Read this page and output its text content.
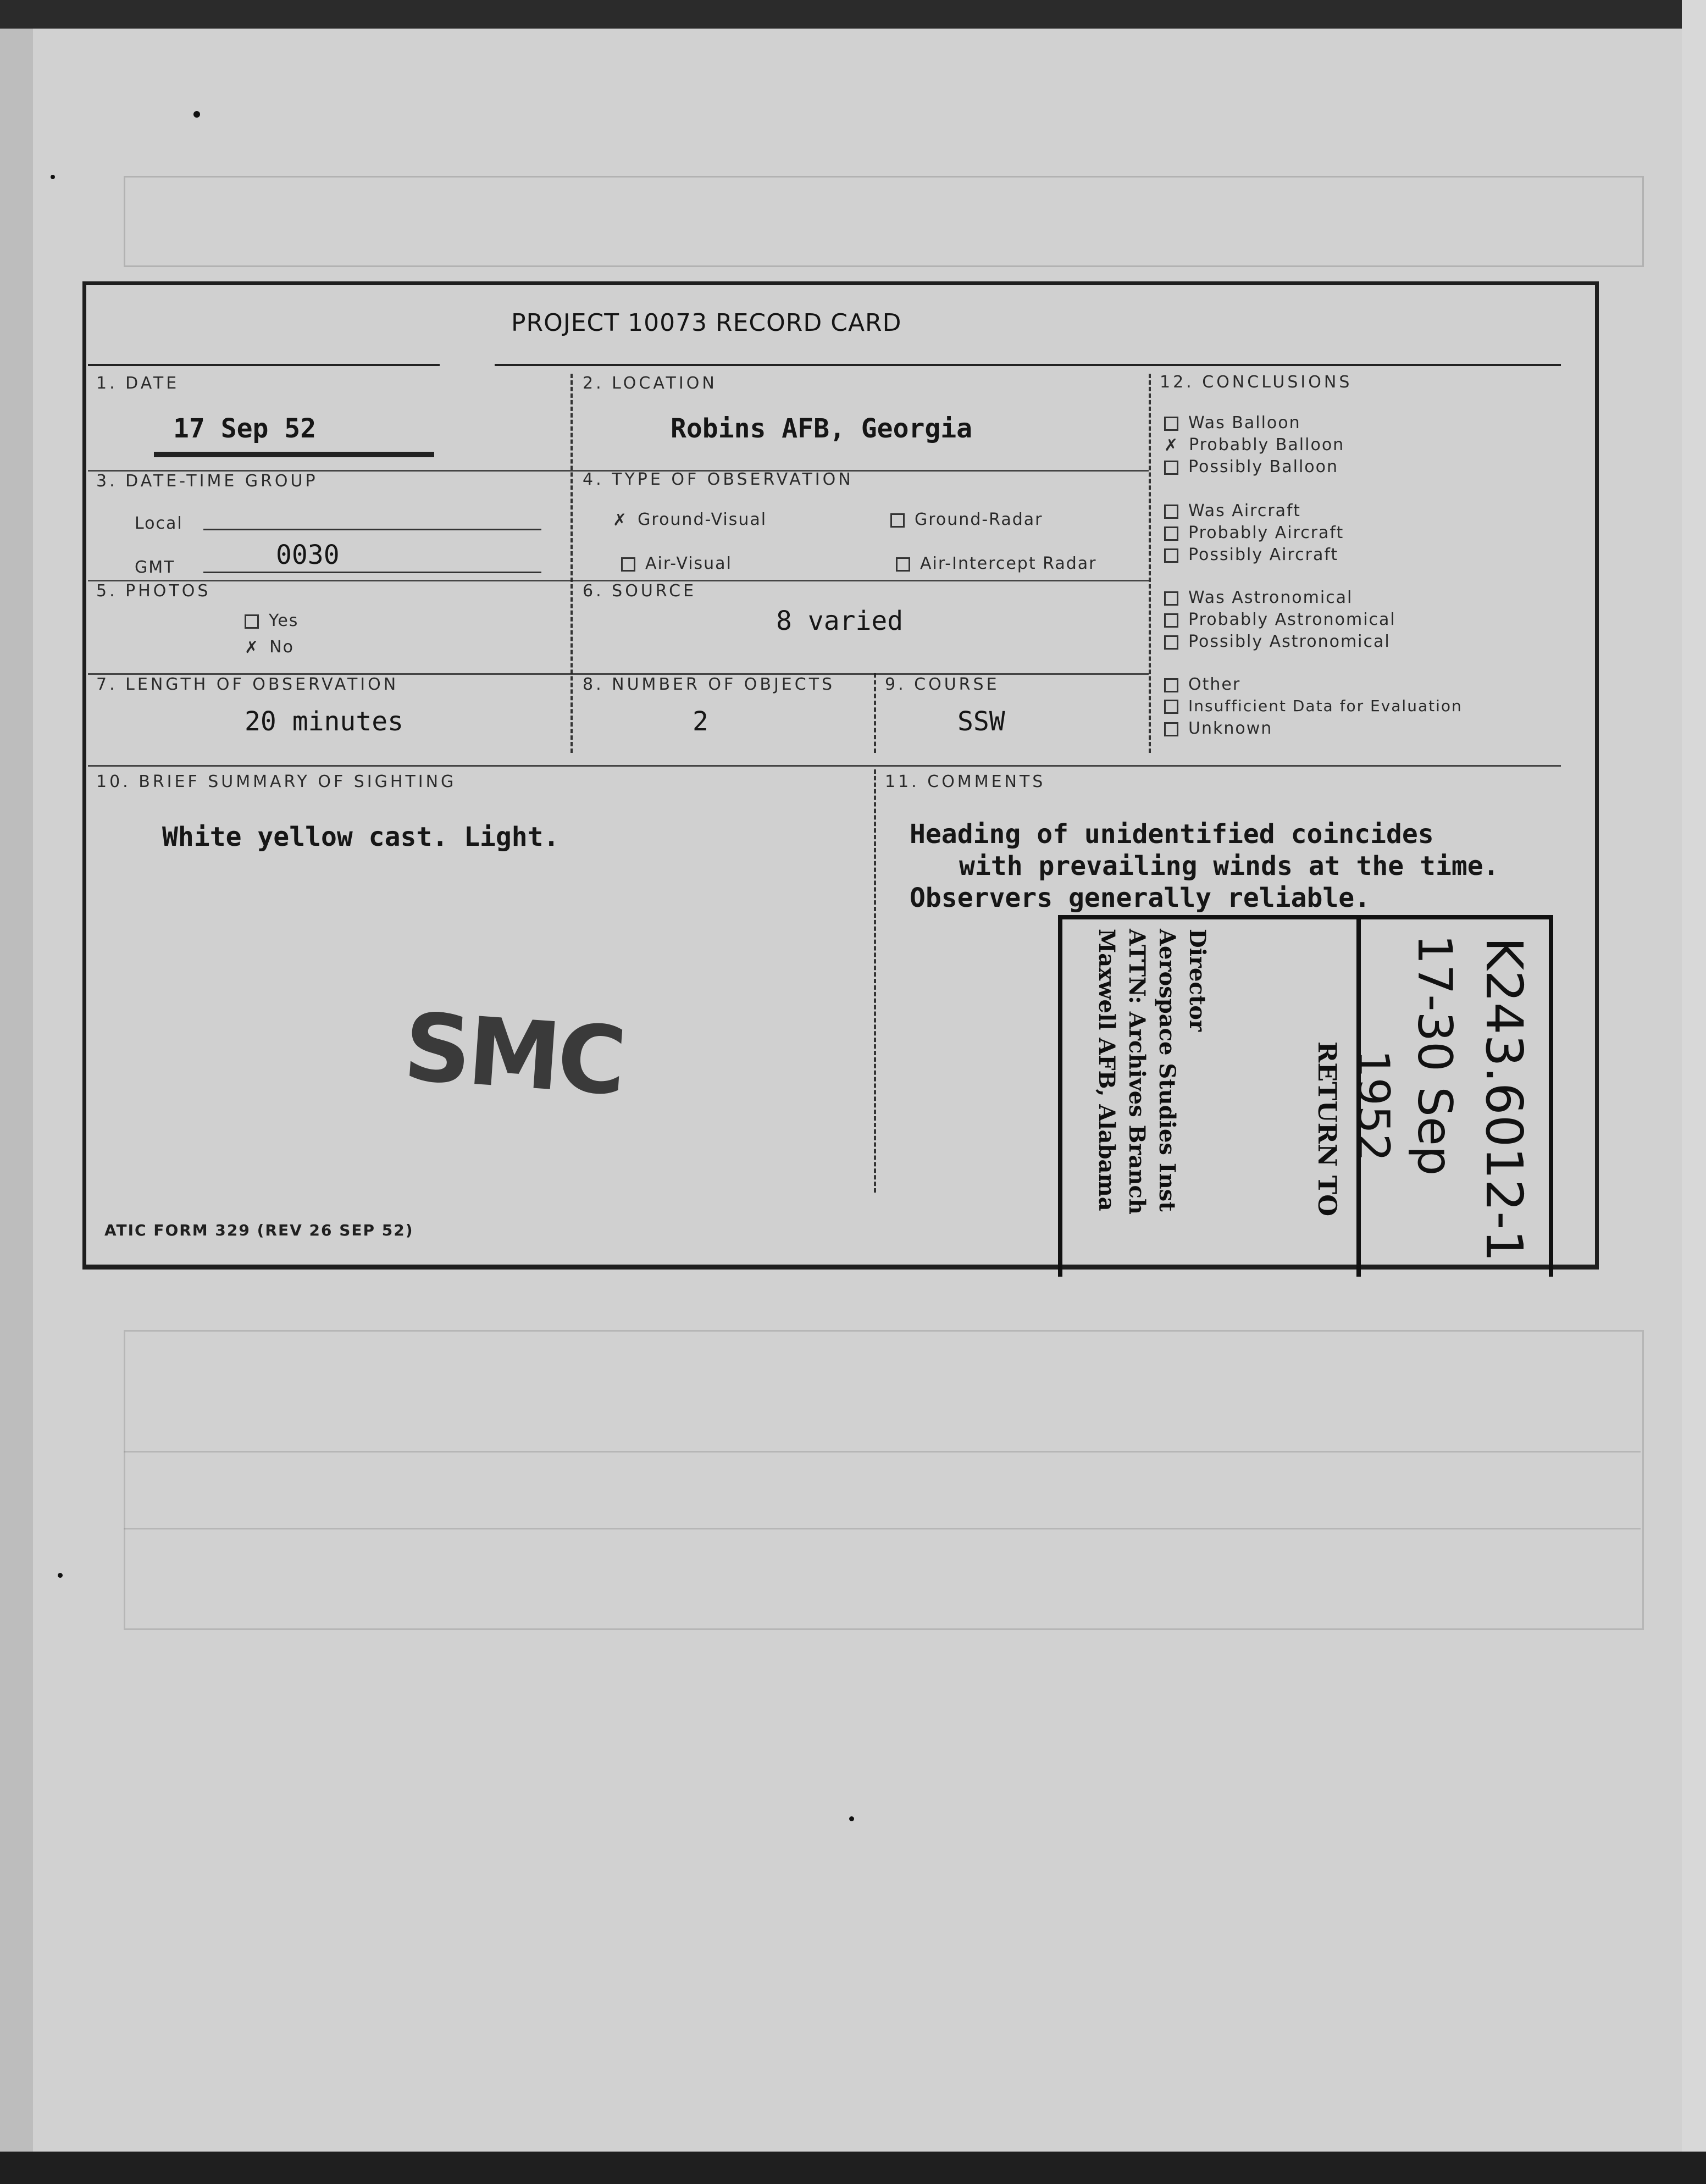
PROJECT 10073 RECORD CARD
1. DATE
17 Sep 52
2. LOCATION
Robins AFB, Georgia
3. DATE-TIME GROUP
Local
GMT	0030
4. TYPE OF OBSERVATION
✗ Ground-Visual	Ground-Radar
Air-Visual	Air-Intercept Radar
5. PHOTOS
Yes
✗ No
6. SOURCE
8 varied
7. LENGTH OF OBSERVATION
20 minutes
8. NUMBER OF OBJECTS
2
9. COURSE
SSW
10. BRIEF SUMMARY OF SIGHTING
White yellow cast. Light.
11. COMMENTS
Heading of unidentified coincides
with prevailing winds at the time.
Observers generally reliable.
12. CONCLUSIONS
Was Balloon
✗ Probably Balloon
Possibly Balloon
Was Aircraft
Probably Aircraft
Possibly Aircraft
Was Astronomical
Probably Astronomical
Possibly Astronomical
Other
Insufficient Data for Evaluation
Unknown
SMC	RETURN TO
Director
Aerospace Studies Inst
ATTN: Archives Branch
Maxwell AFB, Alabama	K243.6012-1
17-30 Sep
1952
ATIC FORM 329 (REV 26 SEP 52)
